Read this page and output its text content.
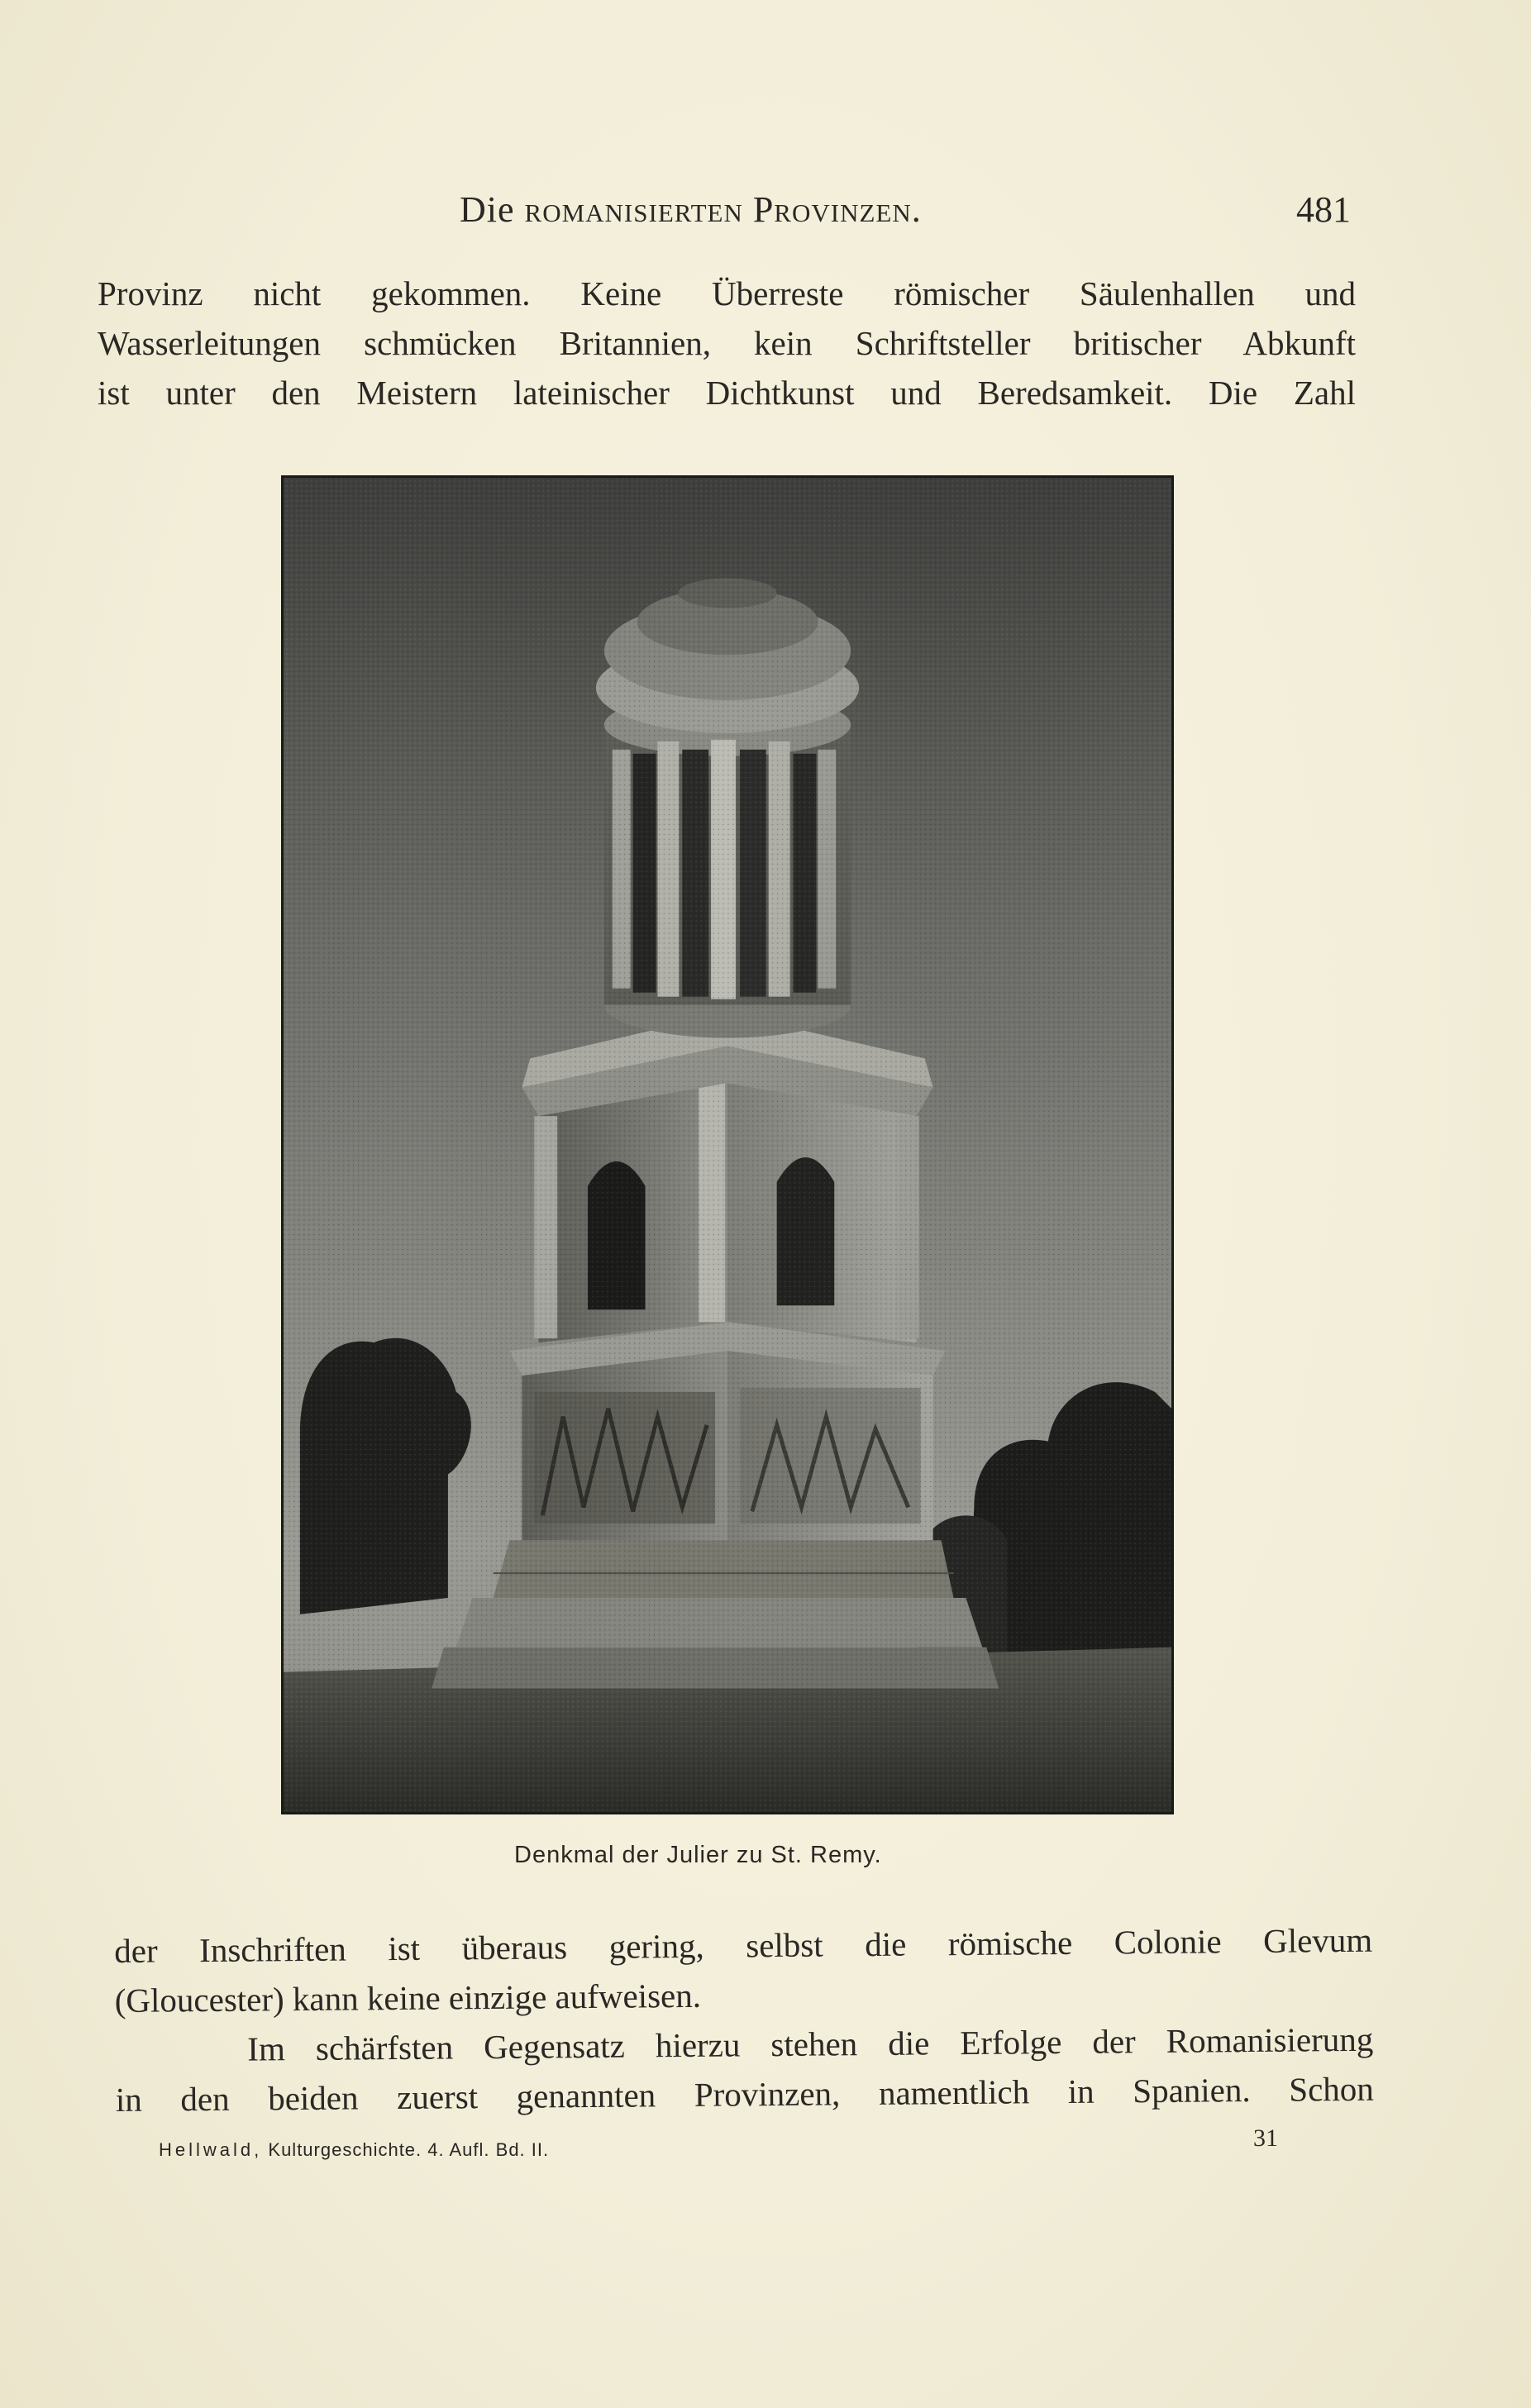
Die romanisierten Provinzen.	481
Provinz nicht gekommen. Keine Überreste römischer Säulenhallen und
Wasserleitungen schmücken Britannien, kein Schriftsteller britischer Abkunft
ist unter den Meistern lateinischer Dichtkunst und Beredsamkeit. Die Zahl
Denkmal der Julier zu St. Remy.
der Inschriften ist überaus gering, selbst die römische Colonie Glevum
(Gloucester) kann keine einzige aufweisen.
Im schärfsten Gegensatz hierzu stehen die Erfolge der Romanisierung
in den beiden zuerst genannten Provinzen, namentlich in Spanien. Schon
Hellwald, Kulturgeschichte. 4. Aufl. Bd. II.	31
